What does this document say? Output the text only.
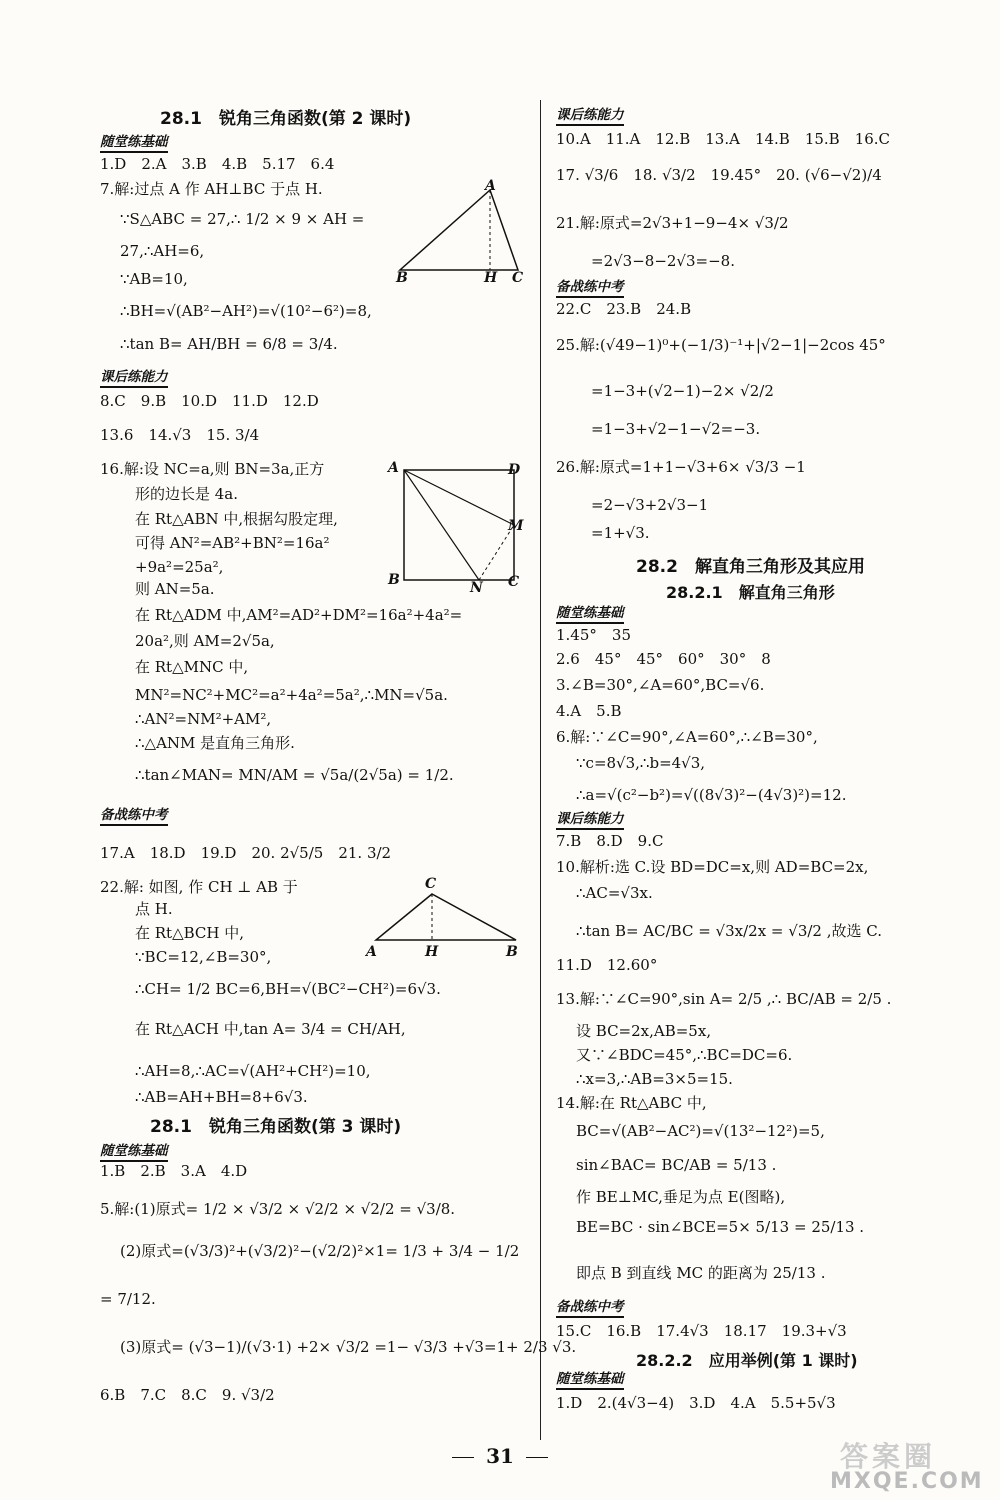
28.1　锐角三角函数(第 2 课时)
随堂练基础
1.D　2.A　3.B　4.B　5.17　6.4
7.解:过点 A 作 AH⊥BC 于点 H.
∵S△ABC = 27,∴ 1/2 × 9 × AH =
27,∴AH=6,
∵AB=10,
∴BH=√(AB²−AH²)=√(10²−6²)=8,
∴tan B= AH/BH = 6/8 = 3/4.
A
B	H C
课后练能力
8.C　9.B　10.D　11.D　12.D
13.6　14.√3　15. 3/4
16.解:设 NC=a,则 BN=3a,正方
形的边长是 4a.
在 Rt△ABN 中,根据勾股定理,
可得 AN²=AB²+BN²=16a²
+9a²=25a²,
则 AN=5a.
在 Rt△ADM 中,AM²=AD²+DM²=16a²+4a²=
20a²,则 AM=2√5a,
在 Rt△MNC 中,
MN²=NC²+MC²=a²+4a²=5a²,∴MN=√5a.
∴AN²=NM²+AM²,
∴△ANM 是直角三角形.
∴tan∠MAN= MN/AM = √5a/(2√5a) = 1/2.
A	D
M
B	N C
备战练中考
17.A　18.D　19.D　20. 2√5/5　21. 3/2
22.解: 如图, 作 CH ⊥ AB 于
点 H.
在 Rt△BCH 中,
∵BC=12,∠B=30°,
∴CH= 1/2 BC=6,BH=√(BC²−CH²)=6√3.
在 Rt△ACH 中,tan A= 3/4 = CH/AH,
∴AH=8,∴AC=√(AH²+CH²)=10,
∴AB=AH+BH=8+6√3.
C
A	H	B
28.1　锐角三角函数(第 3 课时)
随堂练基础
1.B　2.B　3.A　4.D
5.解:(1)原式= 1/2 × √3/2 × √2/2 × √2/2 = √3/8.
(2)原式=(√3/3)²+(√3/2)²−(√2/2)²×1= 1/3 + 3/4 − 1/2
= 7/12.
(3)原式= (√3−1)/(√3·1) +2× √3/2 =1− √3/3 +√3=1+ 2/3 √3.
6.B　7.C　8.C　9. √3/2
课后练能力
10.A　11.A　12.B　13.A　14.B　15.B　16.C
17. √3/6　18. √3/2　19.45°　20. (√6−√2)/4
21.解:原式=2√3+1−9−4× √3/2
=2√3−8−2√3=−8.
备战练中考
22.C　23.B　24.B
25.解:(√49−1)⁰+(−1/3)⁻¹+|√2−1|−2cos 45°
=1−3+(√2−1)−2× √2/2
=1−3+√2−1−√2=−3.
26.解:原式=1+1−√3+6× √3/3 −1
=2−√3+2√3−1
=1+√3.
28.2　解直角三角形及其应用
28.2.1　解直角三角形
随堂练基础
1.45°　35
2.6　45°　45°　60°　30°　8
3.∠B=30°,∠A=60°,BC=√6.
4.A　5.B
6.解:∵∠C=90°,∠A=60°,∴∠B=30°,
∵c=8√3,∴b=4√3,
∴a=√(c²−b²)=√((8√3)²−(4√3)²)=12.
课后练能力
7.B　8.D　9.C
10.解析:选 C.设 BD=DC=x,则 AD=BC=2x,
∴AC=√3x.
∴tan B= AC/BC = √3x/2x = √3/2 ,故选 C.
11.D　12.60°
13.解:∵∠C=90°,sin A= 2/5 ,∴ BC/AB = 2/5 .
设 BC=2x,AB=5x,
又∵∠BDC=45°,∴BC=DC=6.
∴x=3,∴AB=3×5=15.
14.解:在 Rt△ABC 中,
BC=√(AB²−AC²)=√(13²−12²)=5,
sin∠BAC= BC/AB = 5/13 .
作 BE⊥MC,垂足为点 E(图略),
BE=BC · sin∠BCE=5× 5/13 = 25/13 .
即点 B 到直线 MC 的距离为 25/13 .
备战练中考
15.C　16.B　17.4√3　18.17　19.3+√3
28.2.2　应用举例(第 1 课时)
随堂练基础
1.D　2.(4√3−4)　3.D　4.A　5.5+5√3
31	答案圈
MXQE.COM
